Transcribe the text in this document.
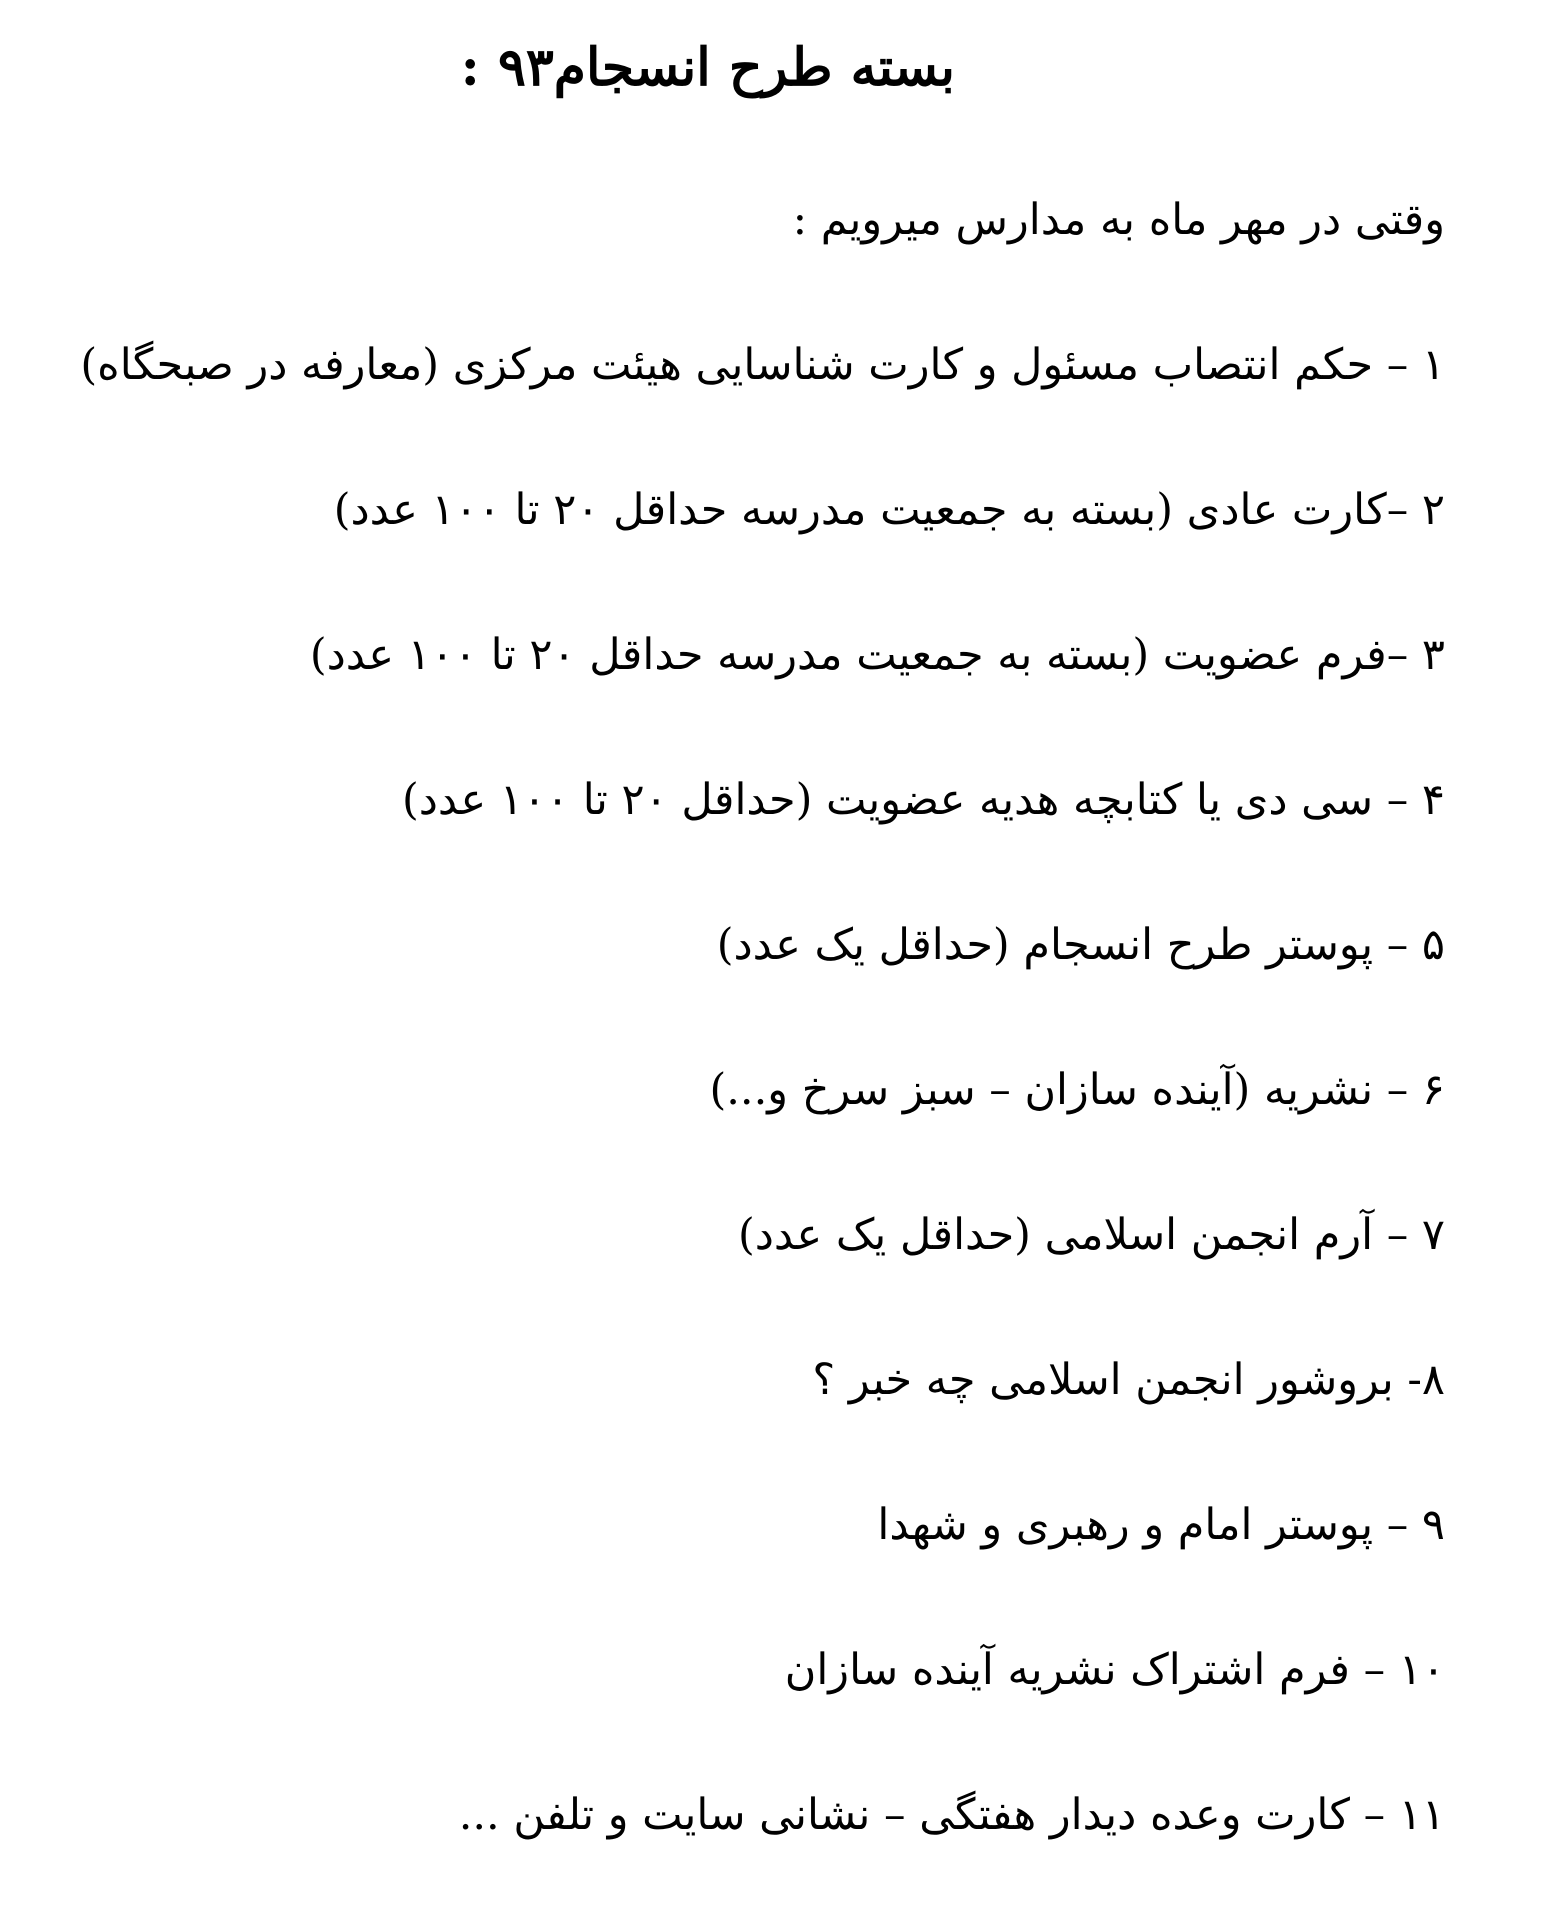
بسته طرح انسجام۹۳ :
وقتی در مهر ماه به مدارس میرویم :
۱ – حکم انتصاب مسئول و کارت شناسایی هیئت مرکزی (معارفه در صبحگاه)
۲ –کارت عادی (بسته به جمعیت مدرسه حداقل ۲۰ تا ۱۰۰ عدد)
۳ –فرم عضویت (بسته به جمعیت مدرسه حداقل ۲۰ تا ۱۰۰ عدد)
۴ – سی دی یا کتابچه هدیه عضویت (حداقل ۲۰ تا ۱۰۰ عدد)
۵ – پوستر طرح انسجام (حداقل یک عدد)
۶ – نشریه (آینده سازان – سبز سرخ و...)
۷ – آرم انجمن اسلامی (حداقل یک عدد)
۸- بروشور انجمن اسلامی چه خبر ؟
۹ – پوستر امام و رهبری و شهدا
۱۰ – فرم اشتراک نشریه آینده سازان
۱۱ – کارت وعده دیدار هفتگی – نشانی سایت و تلفن ...
